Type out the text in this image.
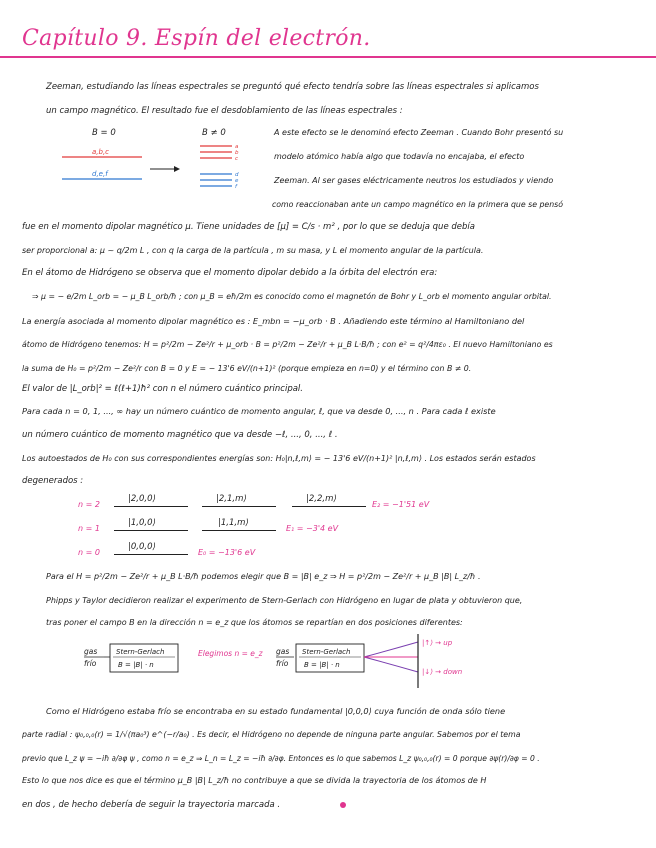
Capítulo 9. Espín del electrón.
Zeeman, estudiando las líneas espectrales se preguntó qué efecto tendría sobre las líneas espectrales si aplicamos
un campo magnético. El resultado fue el desdoblamiento de las líneas espectrales :
B = 0	B ≠ 0
a,b,c
d,e,f
a
b
c
d
e
f
A este efecto se le denominó efecto Zeeman . Cuando Bohr presentó su
modelo atómico había algo que todavía no encajaba, el efecto
Zeeman. Al ser gases eléctricamente neutros los estudiados y viendo
como reaccionaban ante un campo magnético en la primera que se pensó
fue en el momento dipolar magnético μ. Tiene unidades de [μ] = C/s · m² , por lo que se deduja que debía
ser proporcional a: μ ~ q/2m L , con q la carga de la partícula , m su masa, y L el momento angular de la partícula.
En el átomo de Hidrógeno se observa que el momento dipolar debido a la órbita del electrón era:
⇒ μ = − e/2m L_orb = − μ_B L_orb/ħ ; con μ_B = eħ/2m es conocido como el magnetón de Bohr y L_orb el momento angular orbital.
La energía asociada al momento dipolar magnético es : E_mbn = −μ_orb · B . Añadiendo este término al Hamiltoniano del
átomo de Hidrógeno tenemos: H = p²/2m − Ze²/r + μ_orb · B = p²/2m − Ze²/r + μ_B L·B/ħ ; con e² = q²/4πε₀ . El nuevo Hamiltoniano es
la suma de H₀ = p²/2m − Ze²/r con B = 0 y E = − 13'6 eV/(n+1)² (porque empieza en n=0) y el término con B ≠ 0.
El valor de |L_orb|² = ℓ(ℓ+1)ħ² con n el número cuántico principal.
Para cada n = 0, 1, ..., ∞ hay un número cuántico de momento angular, ℓ, que va desde 0, ..., n . Para cada ℓ existe
un número cuántico de momento magnético que va desde −ℓ, ..., 0, ..., ℓ .
Los autoestados de H₀ con sus correspondientes energías son: H₀|n,ℓ,m⟩ = − 13'6 eV/(n+1)² |n,ℓ,m⟩ . Los estados serán estados
degenerados :
n = 2
|2,0,0⟩	|2,1,m⟩	|2,2,m⟩
E₂ = −1'51 eV
n = 1
|1,0,0⟩	|1,1,m⟩
E₁ = −3'4 eV
n = 0
|0,0,0⟩
E₀ = −13'6 eV
Para el H = p²/2m − Ze²/r + μ_B L·B/ħ podemos elegir que B = |B| e_z ⇒ H = p²/2m − Ze²/r + μ_B |B| L_z/ħ .
Phipps y Taylor decidieron realizar el experimento de Stern-Gerlach con Hidrógeno en lugar de plata y obtuvieron que,
tras poner el campo B en la dirección n = e_z que los átomos se repartían en dos posiciones diferentes:
gas
frío
Stern-Gerlach
B = |B| · n
Elegimos n = e_z gas
frío
Stern-Gerlach
B = |B| · n
|↑⟩ → up
|↓⟩ → down
Como el Hidrógeno estaba frío se encontraba en su estado fundamental |0,0,0⟩ cuya función de onda sólo tiene
parte radial : ψ₀,₀,₀(r) = 1/√(πa₀³) e^(−r/a₀) . Es decir, el Hidrógeno no depende de ninguna parte angular. Sabemos por el tema
previo que L_z ψ = −iħ ∂/∂φ ψ , como n = e_z ⇒ L_n = L_z = −iħ ∂/∂φ. Entonces es lo que sabemos L_z ψ₀,₀,₀(r) = 0 porque ∂ψ(r)/∂φ = 0 .
Esto lo que nos dice es que el término μ_B |B| L_z/ħ no contribuye a que se divida la trayectoria de los átomos de H
en dos , de hecho debería de seguir la trayectoria marcada .
